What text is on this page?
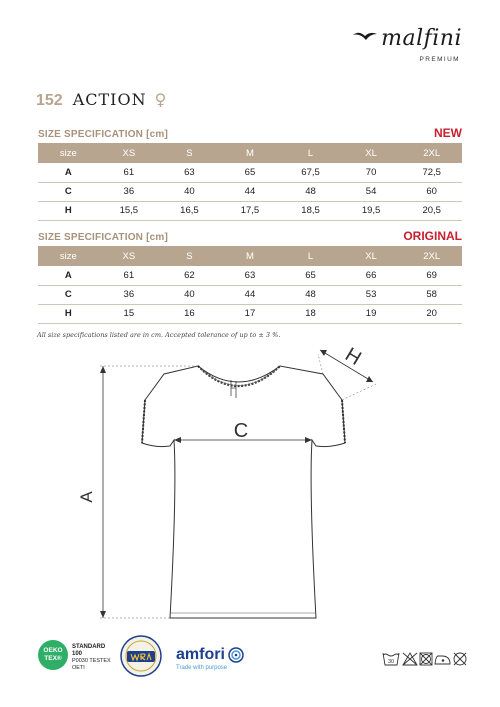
malfini
PREMIUM
152 ACTION ♀
SIZE SPECIFICATION [cm]	NEW
size	XS	S	M	L	XL	2XL
A	61	63	65	67,5	70	72,5
C	36	40	44	48	54	60
H	15,5	16,5	17,5	18,5	19,5	20,5
SIZE SPECIFICATION [cm]	ORIGINAL
size	XS	S	M	L	XL	2XL
A	61	62	63	65	66	69
C	36	40	44	48	53	58
H	15	16	17	18	19	20
All size specifications listed are in cm. Accepted tolerance of up to ± 3 %.
A
C
H
OEKO TEX®
STANDARD
100
P0030 TESTEX
OETI
amfori
Trade with purpose
30
